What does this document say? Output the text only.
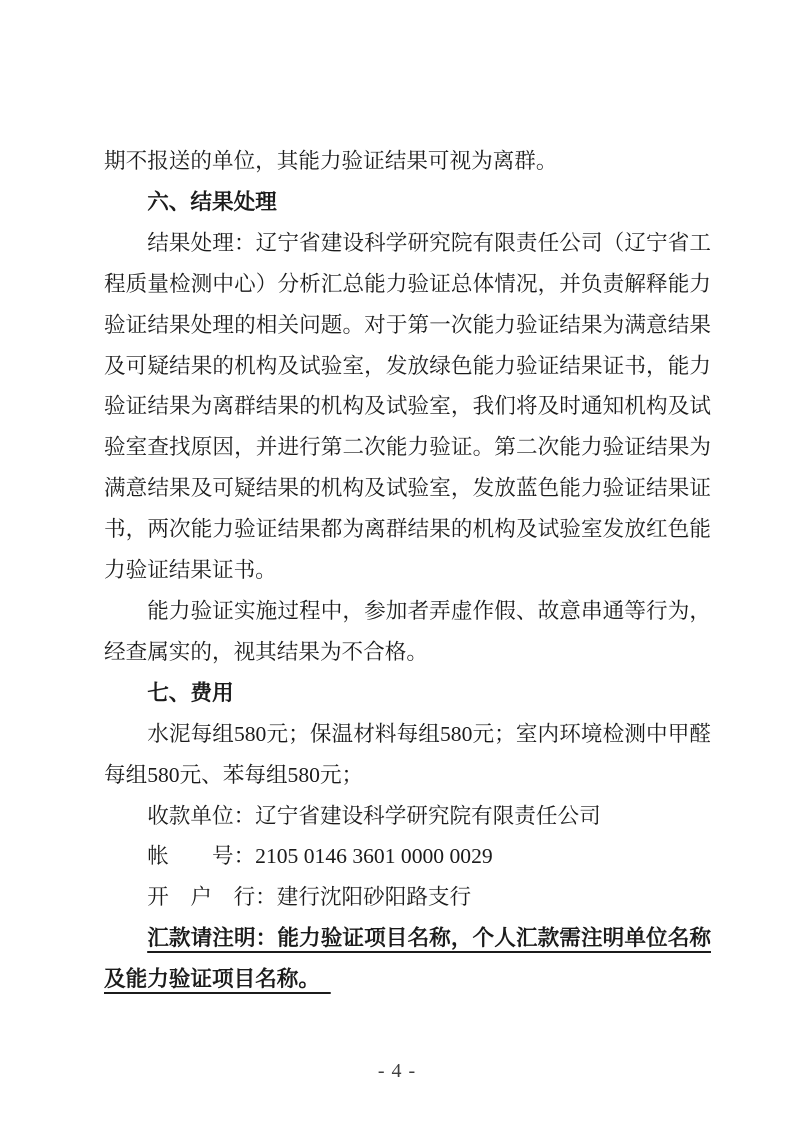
期不报送的单位，其能力验证结果可视为离群。

六、结果处理

结果处理：辽宁省建设科学研究院有限责任公司（辽宁省工程质量检测中心）分析汇总能力验证总体情况，并负责解释能力验证结果处理的相关问题。对于第一次能力验证结果为满意结果及可疑结果的机构及试验室，发放绿色能力验证结果证书，能力验证结果为离群结果的机构及试验室，我们将及时通知机构及试验室查找原因，并进行第二次能力验证。第二次能力验证结果为满意结果及可疑结果的机构及试验室，发放蓝色能力验证结果证书，两次能力验证结果都为离群结果的机构及试验室发放红色能力验证结果证书。

能力验证实施过程中，参加者弄虚作假、故意串通等行为，经查属实的，视其结果为不合格。

七、费用

水泥每组580元；保温材料每组580元；室内环境检测中甲醛每组580元、苯每组580元；

收款单位：辽宁省建设科学研究院有限责任公司

帐　　号：2105 0146 3601 0000 0029

开　户　行：建行沈阳砂阳路支行

汇款请注明：能力验证项目名称，个人汇款需注明单位名称及能力验证项目名称。　

- 4 -
